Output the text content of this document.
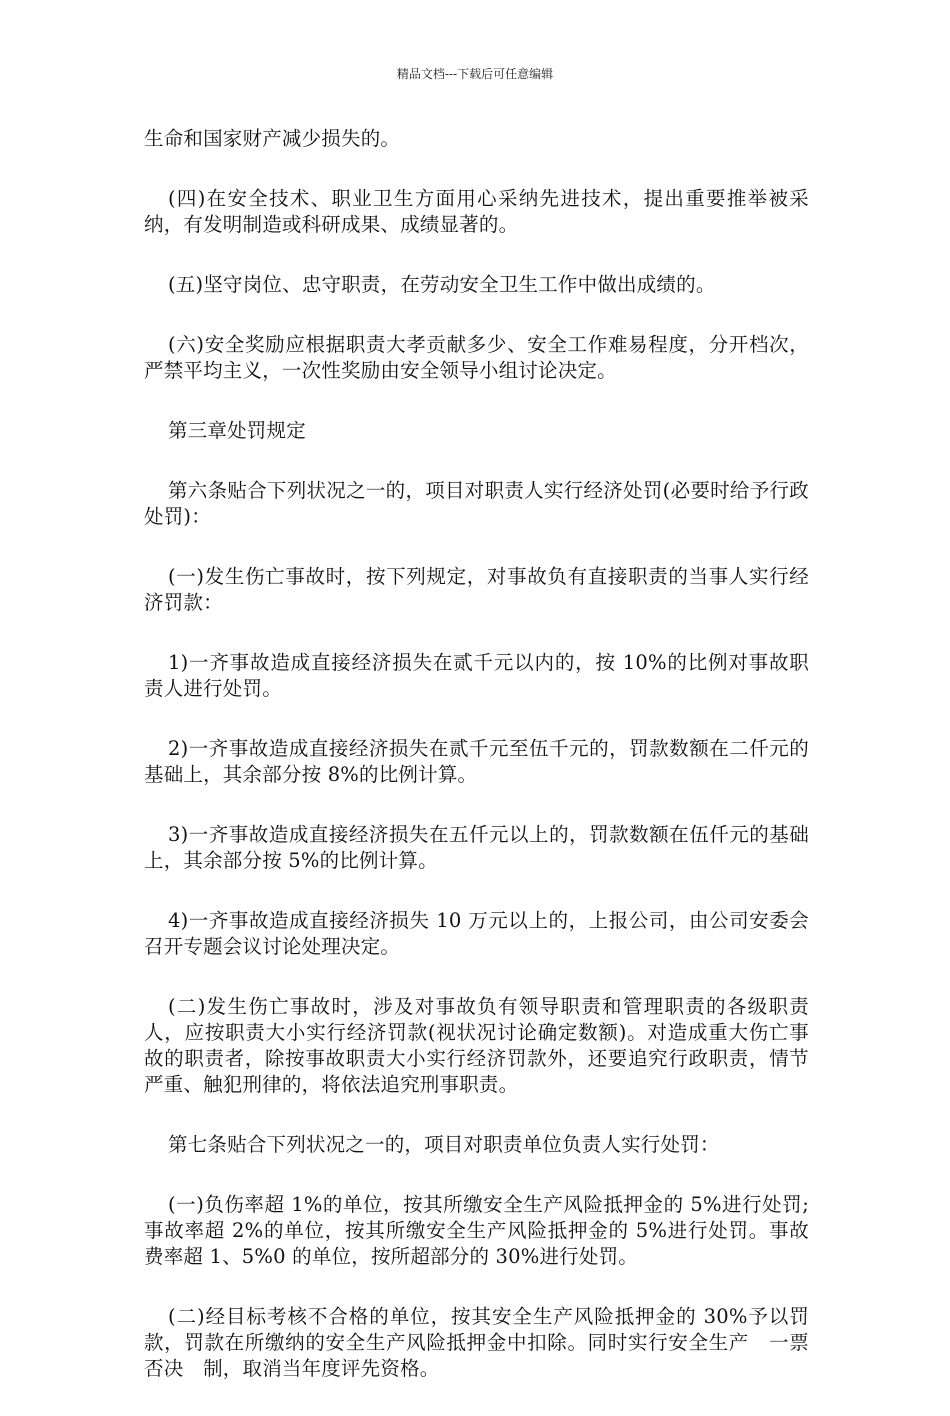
精品文档---下载后可任意编辑

生命和国家财产减少损失的。

(四)在安全技术、职业卫生方面用心采纳先进技术，提出重要推举被采纳，有发明制造或科研成果、成绩显著的。

(五)坚守岗位、忠守职责，在劳动安全卫生工作中做出成绩的。

(六)安全奖励应根据职责大孝贡献多少、安全工作难易程度，分开档次，严禁平均主义，一次性奖励由安全领导小组讨论决定。

第三章处罚规定

第六条贴合下列状况之一的，项目对职责人实行经济处罚(必要时给予行政处罚)：

(一)发生伤亡事故时，按下列规定，对事故负有直接职责的当事人实行经济罚款：

1)一齐事故造成直接经济损失在贰千元以内的，按 10%的比例对事故职责人进行处罚。

2)一齐事故造成直接经济损失在贰千元至伍千元的，罚款数额在二仟元的基础上，其余部分按 8%的比例计算。

3)一齐事故造成直接经济损失在五仟元以上的，罚款数额在伍仟元的基础上，其余部分按 5%的比例计算。

4)一齐事故造成直接经济损失 10 万元以上的，上报公司，由公司安委会召开专题会议讨论处理决定。

(二)发生伤亡事故时，涉及对事故负有领导职责和管理职责的各级职责人，应按职责大小实行经济罚款(视状况讨论确定数额)。对造成重大伤亡事故的职责者，除按事故职责大小实行经济罚款外，还要追究行政职责，情节严重、触犯刑律的，将依法追究刑事职责。

第七条贴合下列状况之一的，项目对职责单位负责人实行处罚：

(一)负伤率超 1%的单位，按其所缴安全生产风险抵押金的 5%进行处罚;事故率超 2%的单位，按其所缴安全生产风险抵押金的 5%进行处罚。事故费率超 1、5%0 的单位，按所超部分的 30%进行处罚。

(二)经目标考核不合格的单位，按其安全生产风险抵押金的 30%予以罚款，罚款在所缴纳的安全生产风险抵押金中扣除。同时实行安全生产　一票否决　制，取消当年度评先资格。
